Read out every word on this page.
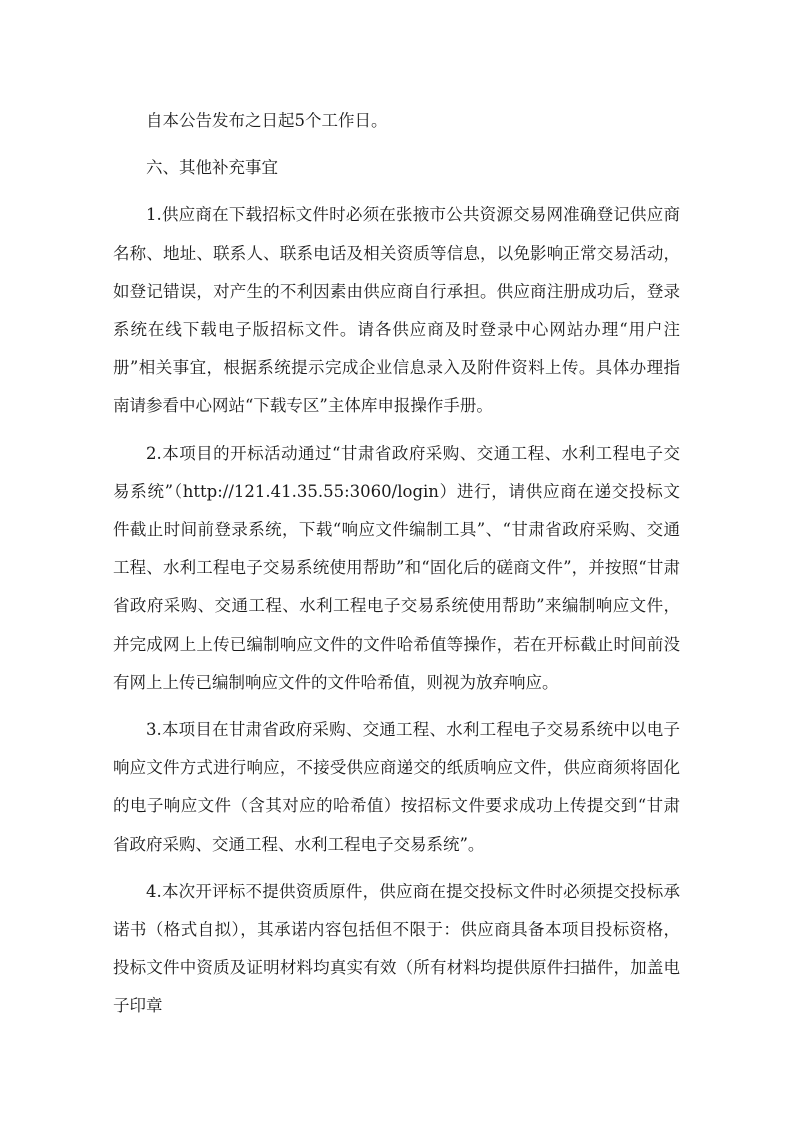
自本公告发布之日起5个工作日。

六、其他补充事宜

1.供应商在下载招标文件时必须在张掖市公共资源交易网准确登记供应商名称、地址、联系人、联系电话及相关资质等信息，以免影响正常交易活动，如登记错误，对产生的不利因素由供应商自行承担。供应商注册成功后，登录系统在线下载电子版招标文件。请各供应商及时登录中心网站办理“用户注册”相关事宜，根据系统提示完成企业信息录入及附件资料上传。具体办理指南请参看中心网站“下载专区”主体库申报操作手册。

2.本项目的开标活动通过“甘肃省政府采购、交通工程、水利工程电子交易系统”（http://121.41.35.55:3060/login）进行，请供应商在递交投标文件截止时间前登录系统，下载“响应文件编制工具”、“甘肃省政府采购、交通工程、水利工程电子交易系统使用帮助”和“固化后的磋商文件”，并按照“甘肃省政府采购、交通工程、水利工程电子交易系统使用帮助”来编制响应文件，并完成网上上传已编制响应文件的文件哈希值等操作，若在开标截止时间前没有网上上传已编制响应文件的文件哈希值，则视为放弃响应。

3.本项目在甘肃省政府采购、交通工程、水利工程电子交易系统中以电子响应文件方式进行响应，不接受供应商递交的纸质响应文件，供应商须将固化的电子响应文件（含其对应的哈希值）按招标文件要求成功上传提交到“甘肃省政府采购、交通工程、水利工程电子交易系统”。

4.本次开评标不提供资质原件，供应商在提交投标文件时必须提交投标承诺书（格式自拟），其承诺内容包括但不限于：供应商具备本项目投标资格，投标文件中资质及证明材料均真实有效（所有材料均提供原件扫描件，加盖电子印章
